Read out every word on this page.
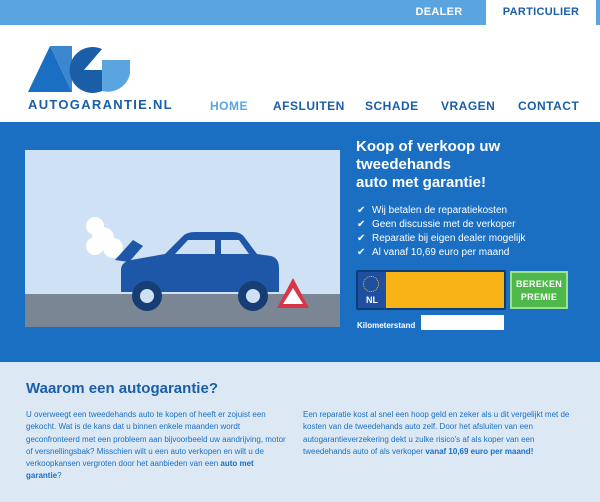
DEALER	PARTICULIER
AUTOGARANTIE.NL	HOME AFSLUITEN SCHADE VRAGEN CONTACT
Koop of verkoop uw
tweedehands
auto met garantie!
✔ Wij betalen de reparatiekosten
✔ Geen discussie met de verkoper
✔ Reparatie bij eigen dealer mogelijk
✔ Al vanaf 10,69 euro per maand
NL
BEREKEN
PREMIE
Kilometerstand
Waarom een autogarantie?
U overweegt een tweedehands auto te kopen of heeft er zojuist een gekocht. Wat is de kans dat u binnen enkele maanden wordt geconfronteerd met een probleem aan bijvoorbeeld uw aandrijving, motor of versnellingsbak? Misschien wilt u een auto verkopen en wilt u de verkoopkansen vergroten door het aanbieden van een auto met garantie?
Een reparatie kost al snel een hoop geld en zeker als u dit vergelijkt met de kosten van de tweedehands auto zelf. Door het afsluiten van een autogarantieverzekering dekt u zulke risico's af als koper van een tweedehands auto of als verkoper vanaf 10,69 euro per maand!
